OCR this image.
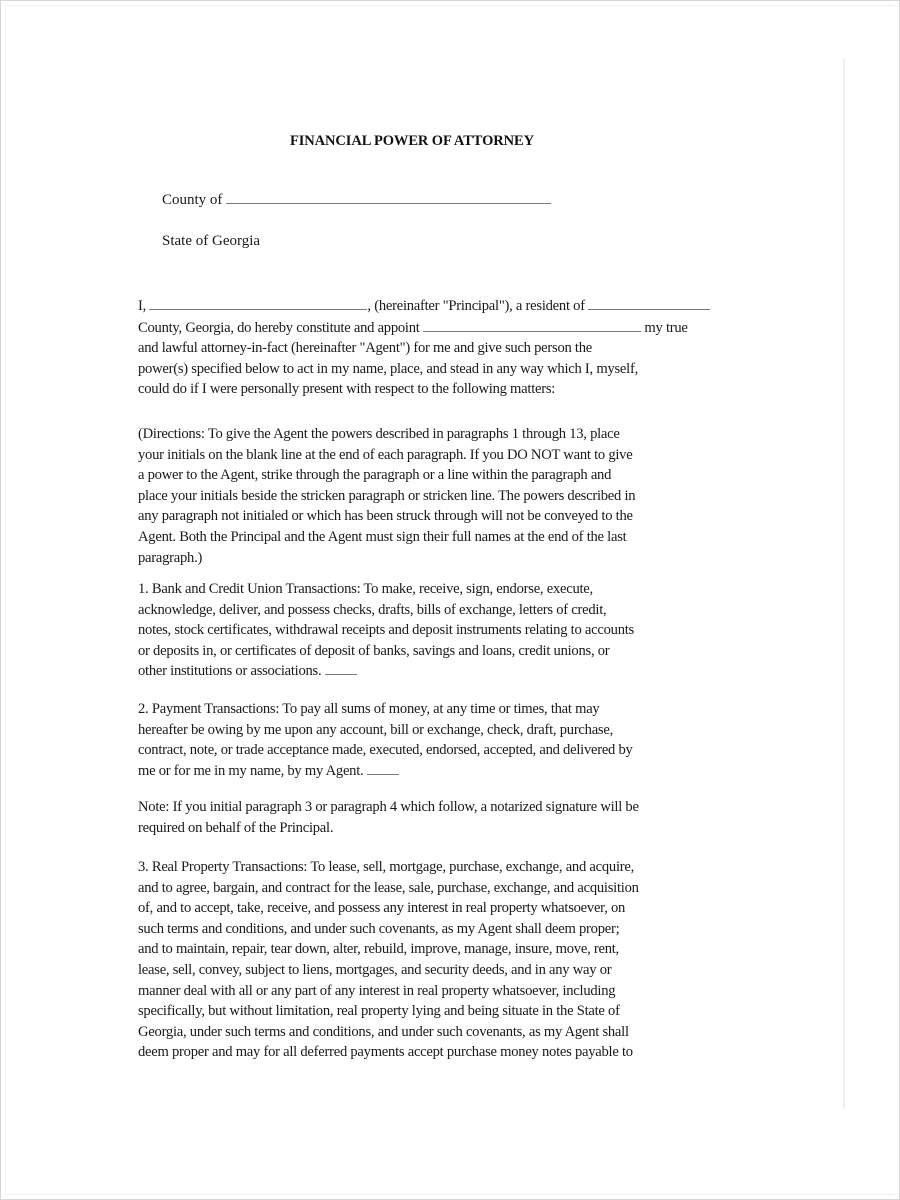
FINANCIAL POWER OF ATTORNEY
County of
State of Georgia
I,	, (hereinafter "Principal"), a resident of
County, Georgia, do hereby constitute and appoint	my true
and lawful attorney-in-fact (hereinafter "Agent") for me and give such person the
power(s) specified below to act in my name, place, and stead in any way which I, myself,
could do if I were personally present with respect to the following matters:
(Directions: To give the Agent the powers described in paragraphs 1 through 13, place
your initials on the blank line at the end of each paragraph. If you DO NOT want to give
a power to the Agent, strike through the paragraph or a line within the paragraph and
place your initials beside the stricken paragraph or stricken line. The powers described in
any paragraph not initialed or which has been struck through will not be conveyed to the
Agent. Both the Principal and the Agent must sign their full names at the end of the last
paragraph.)
1. Bank and Credit Union Transactions: To make, receive, sign, endorse, execute,
acknowledge, deliver, and possess checks, drafts, bills of exchange, letters of credit,
notes, stock certificates, withdrawal receipts and deposit instruments relating to accounts
or deposits in, or certificates of deposit of banks, savings and loans, credit unions, or
other institutions or associations.
2. Payment Transactions: To pay all sums of money, at any time or times, that may
hereafter be owing by me upon any account, bill or exchange, check, draft, purchase,
contract, note, or trade acceptance made, executed, endorsed, accepted, and delivered by
me or for me in my name, by my Agent.
Note: If you initial paragraph 3 or paragraph 4 which follow, a notarized signature will be
required on behalf of the Principal.
3. Real Property Transactions: To lease, sell, mortgage, purchase, exchange, and acquire,
and to agree, bargain, and contract for the lease, sale, purchase, exchange, and acquisition
of, and to accept, take, receive, and possess any interest in real property whatsoever, on
such terms and conditions, and under such covenants, as my Agent shall deem proper;
and to maintain, repair, tear down, alter, rebuild, improve, manage, insure, move, rent,
lease, sell, convey, subject to liens, mortgages, and security deeds, and in any way or
manner deal with all or any part of any interest in real property whatsoever, including
specifically, but without limitation, real property lying and being situate in the State of
Georgia, under such terms and conditions, and under such covenants, as my Agent shall
deem proper and may for all deferred payments accept purchase money notes payable to
